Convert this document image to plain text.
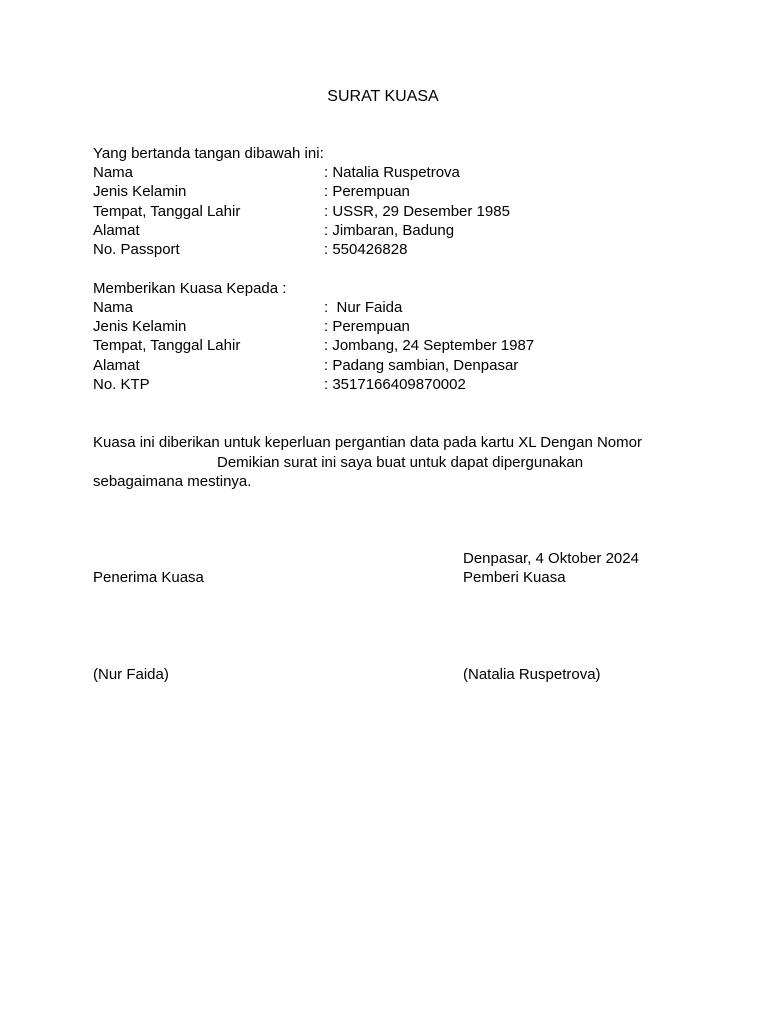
SURAT KUASA
Yang bertanda tangan dibawah ini:

Nama

	: Natalia Ruspetrova

Jenis Kelamin

	: Perempuan

Tempat, Tanggal Lahir

	: USSR, 29 Desember 1985

Alamat

	: Jimbaran, Badung

No. Passport

	: 550426828

Memberikan Kuasa Kepada :

Nama

	:  Nur Faida

Jenis Kelamin

	: Perempuan

Tempat, Tanggal Lahir

	: Jombang, 24 September 1987

Alamat

	: Padang sambian, Denpasar

No. KTP

	: 3517166409870002

Kuasa ini diberikan untuk keperluan pergantian data pada kartu XL Dengan Nomor
Demikian surat ini saya buat untuk dapat dipergunakan
sebagaimana mestinya.
Denpasar, 4 Oktober 2024
Penerima Kuasa	Pemberi Kuasa
(Nur Faida)	(Natalia Ruspetrova)
